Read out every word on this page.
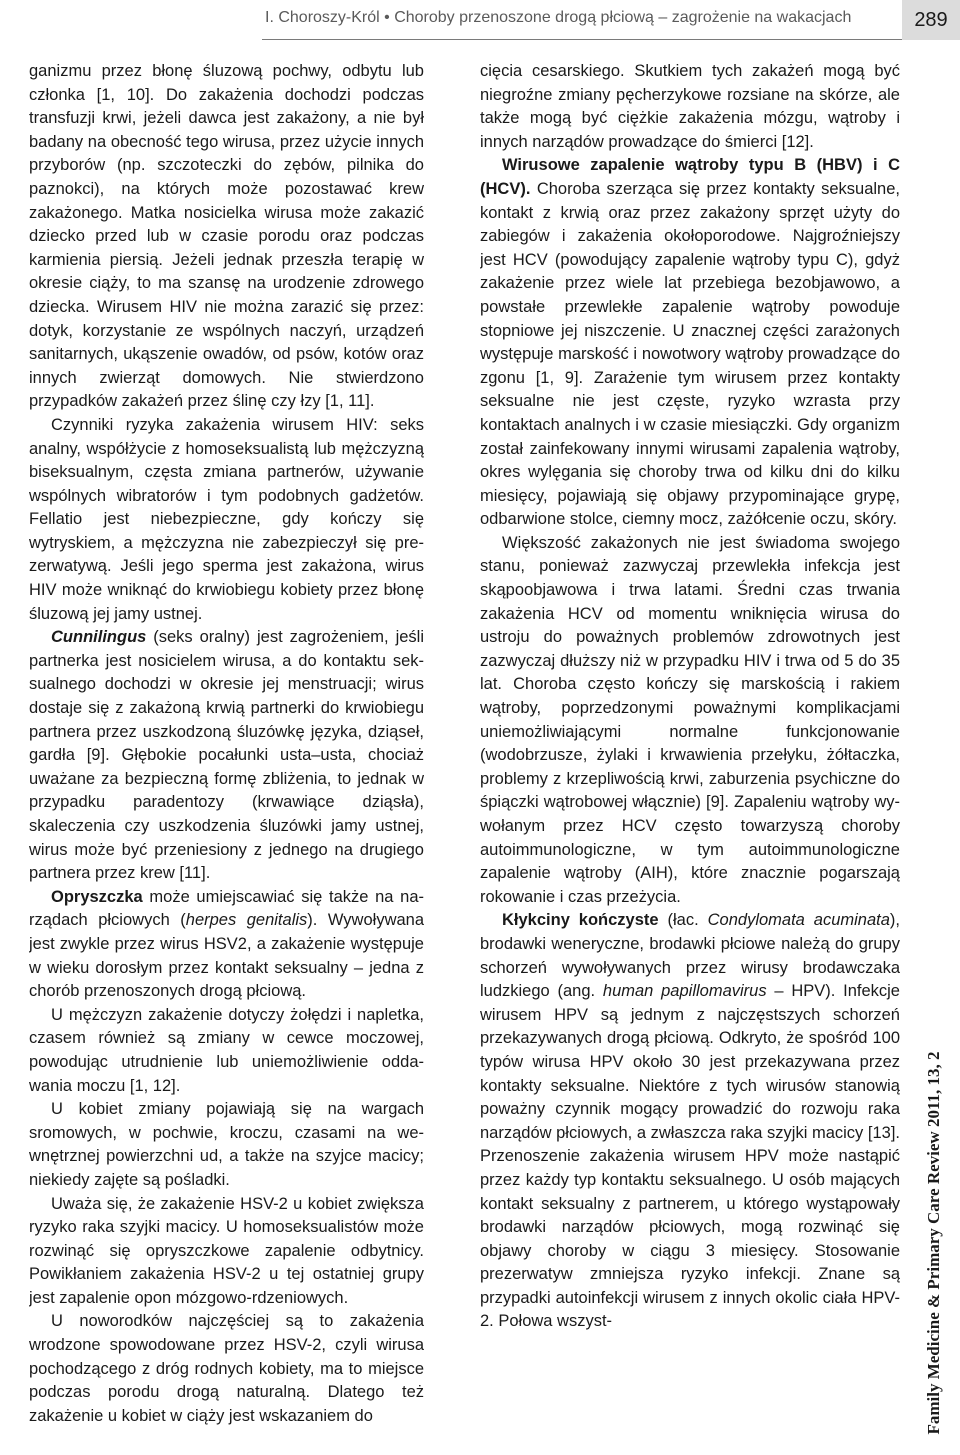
I. Choroszy-Król • Choroby przenoszone drogą płciową – zagrożenie na wakacjach	289

ganizmu przez błonę śluzową pochwy, odbytu lub członka [1, 10]. Do zakażenia dochodzi podczas transfuzji krwi, jeżeli dawca jest zakażony, a nie był badany na obecność tego wirusa, przez użycie innych przyborów (np. szczoteczki do zębów, pilnika do paznokci), na których może pozostawać krew zakażonego. Matka nosicielka wirusa może zakazić dziecko przed lub w czasie porodu oraz podczas karmienia piersią. Jeżeli jednak przeszła terapię w okresie ciąży, to ma szansę na urodzenie zdrowego dziecka. Wirusem HIV nie można zarazić się przez: dotyk, korzystanie ze wspólnych naczyń, urządzeń sanitarnych, ukąszenie owadów, od psów, kotów oraz innych zwierząt domowych. Nie stwierdzono przypadków zakażeń przez ślinę czy łzy [1, 11].

Czynniki ryzyka zakażenia wirusem HIV: seks analny, współżycie z homoseksualistą lub mężczyzną biseksualnym, częsta zmiana partnerów, używanie wspólnych wibratorów i tym podobnych gadżetów. Fellatio jest niebezpieczne, gdy kończy się wytryskiem, a mężczyzna nie zabezpieczył się prezerwatywą. Jeśli jego sperma jest zakażona, wirus HIV może wniknąć do krwiobiegu kobiety przez błonę śluzową jej jamy ustnej.

Cunnilingus (seks oralny) jest zagrożeniem, jeśli partnerka jest nosicielem wirusa, a do kontaktu seksualnego dochodzi w okresie jej menstruacji; wirus dostaje się z zakażoną krwią partnerki do krwiobiegu partnera przez uszkodzoną śluzówkę języka, dziąseł, gardła [9]. Głębokie pocałunki usta–usta, chociaż uważane za bezpieczną formę zbliżenia, to jednak w przypadku paradentozy (krwawiące dziąsła), skaleczenia czy uszkodzenia śluzówki jamy ustnej, wirus może być przeniesiony z jednego na drugiego partnera przez krew [11].

Opryszczka może umiejscawiać się także na narządach płciowych (herpes genitalis). Wywoływana jest zwykle przez wirus HSV2, a zakażenie występuje w wieku dorosłym przez kontakt seksualny – jedna z chorób przenoszonych drogą płciową.

U mężczyzn zakażenie dotyczy żołędzi i napletka, czasem również są zmiany w cewce moczowej, powodując utrudnienie lub uniemożliwienie oddawania moczu [1, 12].

U kobiet zmiany pojawiają się na wargach sromowych, w pochwie, kroczu, czasami na wewnętrznej powierzchni ud, a także na szyjce macicy; niekiedy zajęte są pośladki.

Uważa się, że zakażenie HSV-2 u kobiet zwiększa ryzyko raka szyjki macicy. U homoseksualistów może rozwinąć się opryszczkowe zapalenie odbytnicy. Powikłaniem zakażenia HSV-2 u tej ostatniej grupy jest zapalenie opon mózgowo-rdzeniowych.

U noworodków najczęściej są to zakażenia wrodzone spowodowane przez HSV-2, czyli wirusa pochodzącego z dróg rodnych kobiety, ma to miejsce podczas porodu drogą naturalną. Dlatego też zakażenie u kobiet w ciąży jest wskazaniem do

cięcia cesarskiego. Skutkiem tych zakażeń mogą być niegroźne zmiany pęcherzykowe rozsiane na skórze, ale także mogą być ciężkie zakażenia mózgu, wątroby i innych narządów prowadzące do śmierci [12].

Wirusowe zapalenie wątroby typu B (HBV) i C (HCV). Choroba szerząca się przez kontakty seksualne, kontakt z krwią oraz przez zakażony sprzęt użyty do zabiegów i zakażenia okołoporodowe. Najgroźniejszy jest HCV (powodujący zapalenie wątroby typu C), gdyż zakażenie przez wiele lat przebiega bezobjawowo, a powstałe przewlekłe zapalenie wątroby powoduje stopniowe jej niszczenie. U znacznej części zarażonych występuje marskość i nowotwory wątroby prowadzące do zgonu [1, 9]. Zarażenie tym wirusem przez kontakty seksualne nie jest częste, ryzyko wzrasta przy kontaktach analnych i w czasie miesiączki. Gdy organizm został zainfekowany innymi wirusami zapalenia wątroby, okres wylęgania się choroby trwa od kilku dni do kilku miesięcy, pojawiają się objawy przypominające grypę, odbarwione stolce, ciemny mocz, zażółcenie oczu, skóry.

Większość zakażonych nie jest świadoma swojego stanu, ponieważ zazwyczaj przewlekła infekcja jest skąpoobjawowa i trwa latami. Średni czas trwania zakażenia HCV od momentu wniknięcia wirusa do ustroju do poważnych problemów zdrowotnych jest zazwyczaj dłuższy niż w przypadku HIV i trwa od 5 do 35 lat. Choroba często kończy się marskością i rakiem wątroby, poprzedzonymi poważnymi komplikacjami uniemożliwiającymi normalne funkcjonowanie (wodobrzusze, żylaki i krwawienia przełyku, żółtaczka, problemy z krzepliwością krwi, zaburzenia psychiczne do śpiączki wątrobowej włącznie) [9]. Zapaleniu wątroby wywołanym przez HCV często towarzyszą choroby autoimmunologiczne, w tym autoimmunologiczne zapalenie wątroby (AIH), które znacznie pogarszają rokowanie i czas przeżycia.

Kłykciny kończyste (łac. Condylomata acuminata), brodawki weneryczne, brodawki płciowe należą do grupy schorzeń wywoływanych przez wirusy brodawczaka ludzkiego (ang. human papillomavirus – HPV). Infekcje wirusem HPV są jednym z najczęstszych schorzeń przekazywanych drogą płciową. Odkryto, że spośród 100 typów wirusa HPV około 30 jest przekazywana przez kontakty seksualne. Niektóre z tych wirusów stanowią poważny czynnik mogący prowadzić do rozwoju raka narządów płciowych, a zwłaszcza raka szyjki macicy [13]. Przenoszenie zakażenia wirusem HPV może nastąpić przez każdy typ kontaktu seksualnego. U osób mających kontakt seksualny z partnerem, u którego wystąpowały brodawki narządów płciowych, mogą rozwinąć się objawy choroby w ciągu 3 miesięcy. Stosowanie prezerwatyw zmniejsza ryzyko infekcji. Znane są przypadki autoinfekcji wirusem z innych okolic ciała HPV-2. Połowa wszyst-	Family Medicine & Primary Care Review 2011, 13, 2
